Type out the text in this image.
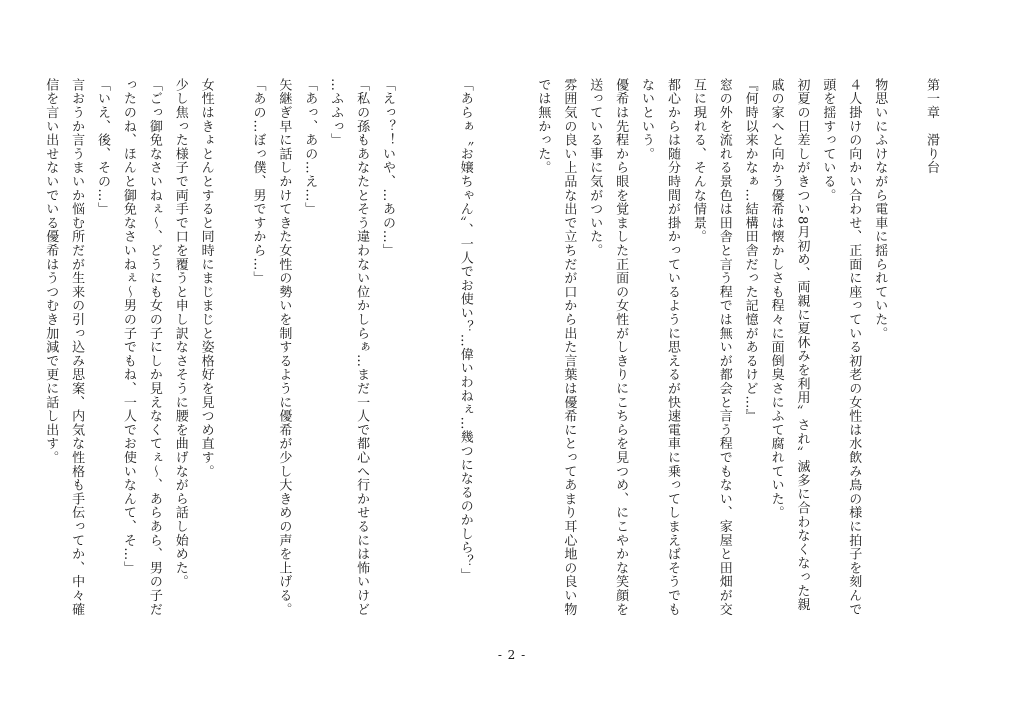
第一章　滑り台
物思いにふけながら電車に揺られていた。
４人掛けの向かい合わせ、正面に座っている初老の女性は水飲み鳥の様に拍子を刻んで
頭を揺すっている。
初夏の日差しがきつい8月初め、両親に夏休みを利用〞され〞滅多に合わなくなった親
戚の家へと向かう優希は懐かしさも程々に面倒臭さにふて腐れていた。
『何時以来かなぁ…結構田舎だった記憶があるけど…』
窓の外を流れる景色は田舎と言う程では無いが都会と言う程でもない、家屋と田畑が交
互に現れる、そんな情景。
都心からは随分時間が掛かっているように思えるが快速電車に乗ってしまえばそうでも
ないという。
優希は先程から眼を覚ました正面の女性がしきりにこちらを見つめ、にこやかな笑顔を
送っている事に気がついた。
雰囲気の良い上品な出で立ちだが口から出た言葉は優希にとってあまり耳心地の良い物
では無かった。
「あらぁ〝お嬢ちゃん〞、一人でお使い？…偉いわねぇ…幾つになるのかしら？」
「えっ？！いや、…あの…」
「私の孫もあなたとそう違わない位かしらぁ…まだ一人で都心へ行かせるには怖いけど
…ふふっ」
「あっ、あの…え…」
矢継ぎ早に話しかけてきた女性の勢いを制するように優希が少し大きめの声を上げる。
「あの…ぼっ僕、男ですから…」
女性はきょとんとすると同時にまじまじと姿格好を見つめ直す。
少し焦った様子で両手で口を覆うと申し訳なさそうに腰を曲げながら話し始めた。
「ごっ御免なさいねぇ～、どうにも女の子にしか見えなくてぇ～、あらあら、男の子だ
ったのね、ほんと御免なさいねぇ～男の子でもね、一人でお使いなんて、そ…」
「いえ、後、その…」
言おうか言うまいか悩む所だが生来の引っ込み思案、内気な性格も手伝ってか、中々確
信を言い出せないでいる優希はうつむき加減で更に話し出す。
- 2 -
